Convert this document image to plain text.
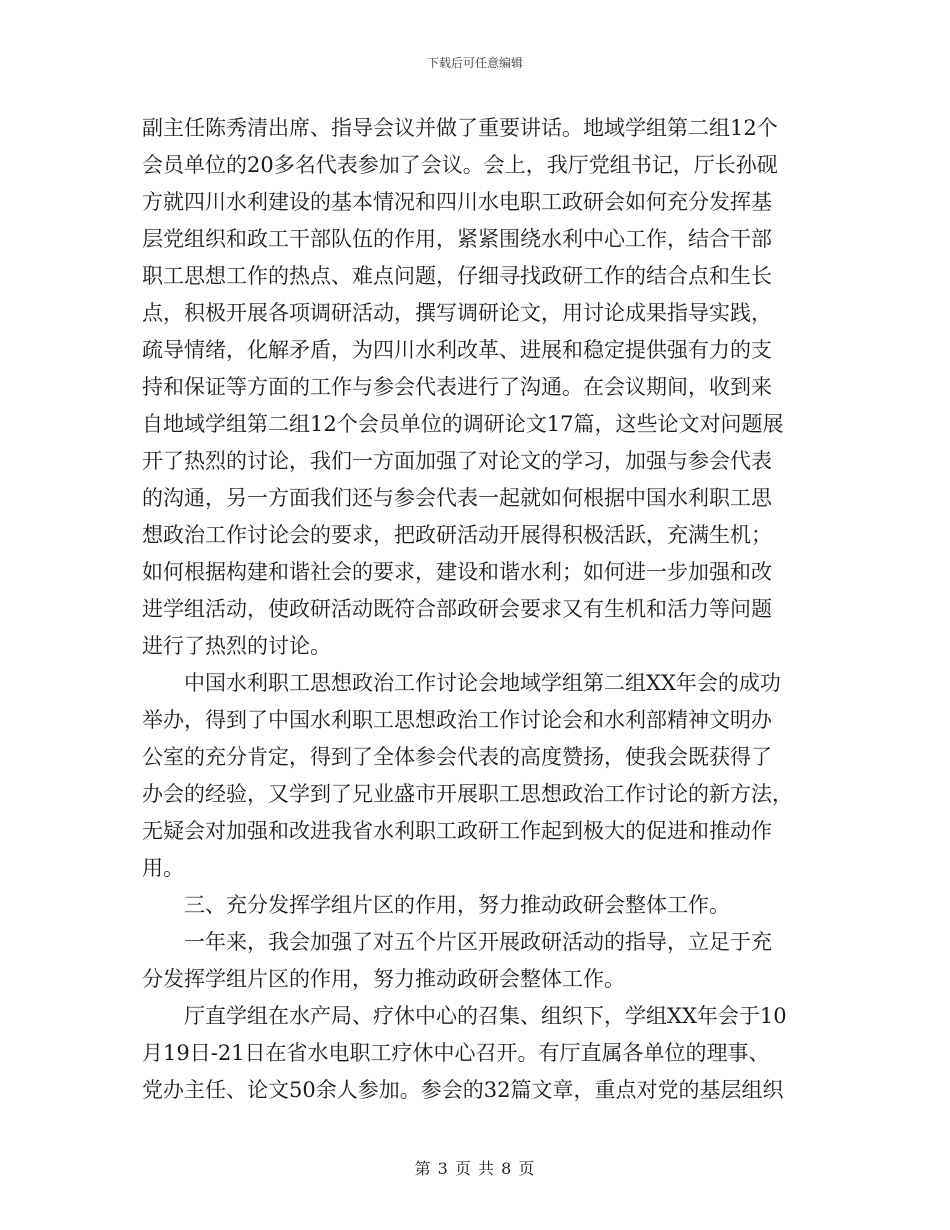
下载后可任意编辑
副主任陈秀清出席、指导会议并做了重要讲话。地域学组第二组12个
会员单位的20多名代表参加了会议。会上，我厅党组书记，厅长孙砚
方就四川水利建设的基本情况和四川水电职工政研会如何充分发挥基
层党组织和政工干部队伍的作用，紧紧围绕水利中心工作，结合干部
职工思想工作的热点、难点问题，仔细寻找政研工作的结合点和生长
点，积极开展各项调研活动，撰写调研论文，用讨论成果指导实践，
疏导情绪，化解矛盾，为四川水利改革、进展和稳定提供强有力的支
持和保证等方面的工作与参会代表进行了沟通。在会议期间，收到来
自地域学组第二组12个会员单位的调研论文17篇，这些论文对问题展
开了热烈的讨论，我们一方面加强了对论文的学习，加强与参会代表
的沟通，另一方面我们还与参会代表一起就如何根据中国水利职工思
想政治工作讨论会的要求，把政研活动开展得积极活跃，充满生机；
如何根据构建和谐社会的要求，建设和谐水利；如何进一步加强和改
进学组活动，使政研活动既符合部政研会要求又有生机和活力等问题
进行了热烈的讨论。
中国水利职工思想政治工作讨论会地域学组第二组XX年会的成功
举办，得到了中国水利职工思想政治工作讨论会和水利部精神文明办
公室的充分肯定，得到了全体参会代表的高度赞扬，使我会既获得了
办会的经验，又学到了兄业盛市开展职工思想政治工作讨论的新方法，
无疑会对加强和改进我省水利职工政研工作起到极大的促进和推动作
用。
三、充分发挥学组片区的作用，努力推动政研会整体工作。
一年来，我会加强了对五个片区开展政研活动的指导，立足于充
分发挥学组片区的作用，努力推动政研会整体工作。
厅直学组在水产局、疗休中心的召集、组织下，学组XX年会于10
月19日-21日在省水电职工疗休中心召开。有厅直属各单位的理事、
党办主任、论文50余人参加。参会的32篇文章，重点对党的基层组织
第 3 页 共 8 页
